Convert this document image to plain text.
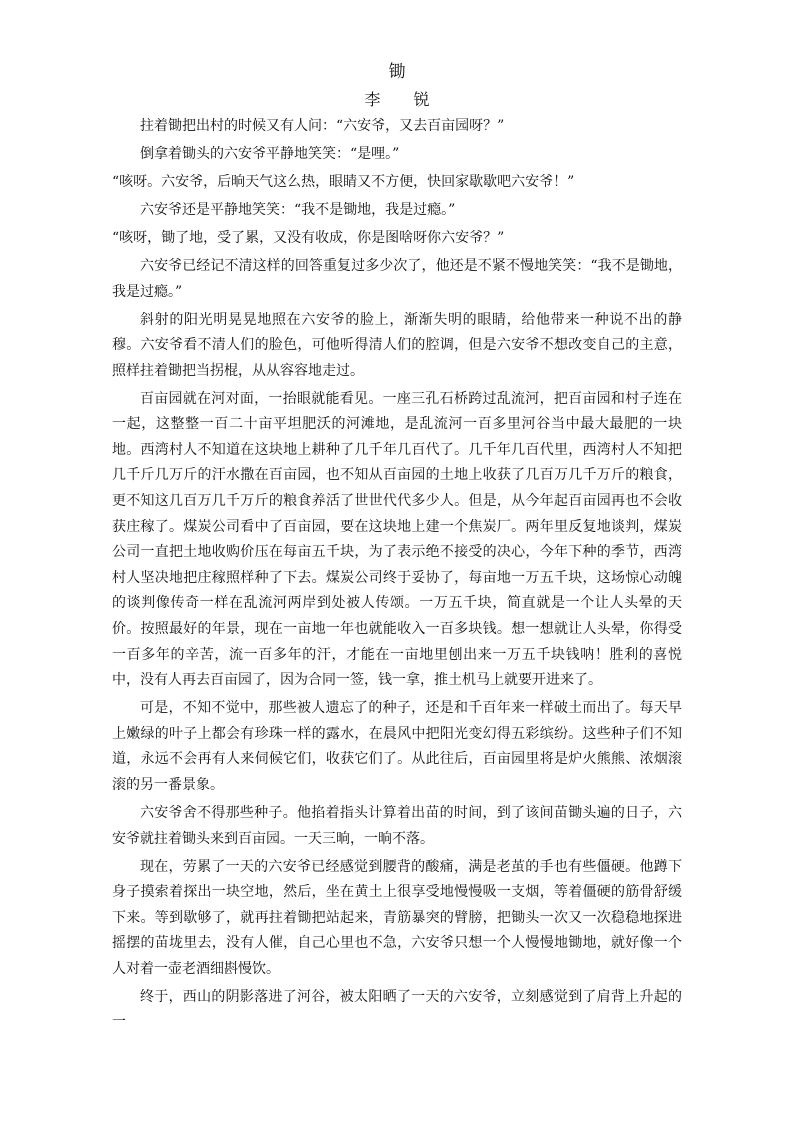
锄
李 锐

拄着锄把出村的时候又有人问：“六安爷，又去百亩园呀？”

倒拿着锄头的六安爷平静地笑笑：“是哩。”

“咳呀。六安爷，后晌天气这么热，眼睛又不方便，快回家歇歇吧六安爷！”

六安爷还是平静地笑笑：“我不是锄地，我是过瘾。”

“咳呀，锄了地，受了累，又没有收成，你是图啥呀你六安爷？”

六安爷已经记不清这样的回答重复过多少次了，他还是不紧不慢地笑笑：“我不是锄地，我是过瘾。”

斜射的阳光明晃晃地照在六安爷的脸上，渐渐失明的眼睛，给他带来一种说不出的静穆。六安爷看不清人们的脸色，可他听得清人们的腔调，但是六安爷不想改变自己的主意，照样拄着锄把当拐棍，从从容容地走过。

百亩园就在河对面，一抬眼就能看见。一座三孔石桥跨过乱流河，把百亩园和村子连在一起，这整整一百二十亩平坦肥沃的河滩地，是乱流河一百多里河谷当中最大最肥的一块地。西湾村人不知道在这块地上耕种了几千年几百代了。几千年几百代里，西湾村人不知把几千斤几万斤的汗水撒在百亩园，也不知从百亩园的土地上收获了几百万几千万斤的粮食，更不知这几百万几千万斤的粮食养活了世世代代多少人。但是，从今年起百亩园再也不会收获庄稼了。煤炭公司看中了百亩园，要在这块地上建一个焦炭厂。两年里反复地谈判，煤炭公司一直把土地收购价压在每亩五千块，为了表示绝不接受的决心，今年下种的季节，西湾村人坚决地把庄稼照样种了下去。煤炭公司终于妥协了，每亩地一万五千块，这场惊心动魄的谈判像传奇一样在乱流河两岸到处被人传颂。一万五千块，简直就是一个让人头晕的天价。按照最好的年景，现在一亩地一年也就能收入一百多块钱。想一想就让人头晕，你得受一百多年的辛苦，流一百多年的汗，才能在一亩地里刨出来一万五千块钱呐！胜利的喜悦中，没有人再去百亩园了，因为合同一签，钱一拿，推土机马上就要开进来了。

可是，不知不觉中，那些被人遗忘了的种子，还是和千百年来一样破土而出了。每天早上嫩绿的叶子上都会有珍珠一样的露水，在晨风中把阳光变幻得五彩缤纷。这些种子们不知道，永远不会再有人来伺候它们，收获它们了。从此往后，百亩园里将是炉火熊熊、浓烟滚滚的另一番景象。

六安爷舍不得那些种子。他掐着指头计算着出苗的时间，到了该间苗锄头遍的日子，六安爷就拄着锄头来到百亩园。一天三晌，一晌不落。

现在，劳累了一天的六安爷已经感觉到腰背的酸痛，满是老茧的手也有些僵硬。他蹲下身子摸索着探出一块空地，然后，坐在黄土上很享受地慢慢吸一支烟，等着僵硬的筋骨舒缓下来。等到歇够了，就再拄着锄把站起来，青筋暴突的臂膀，把锄头一次又一次稳稳地探进摇摆的苗垅里去，没有人催，自己心里也不急，六安爷只想一个人慢慢地锄地，就好像一个人对着一壶老酒细斟慢饮。

终于，西山的阴影落进了河谷，被太阳晒了一天的六安爷，立刻感觉到了肩背上升起的一
